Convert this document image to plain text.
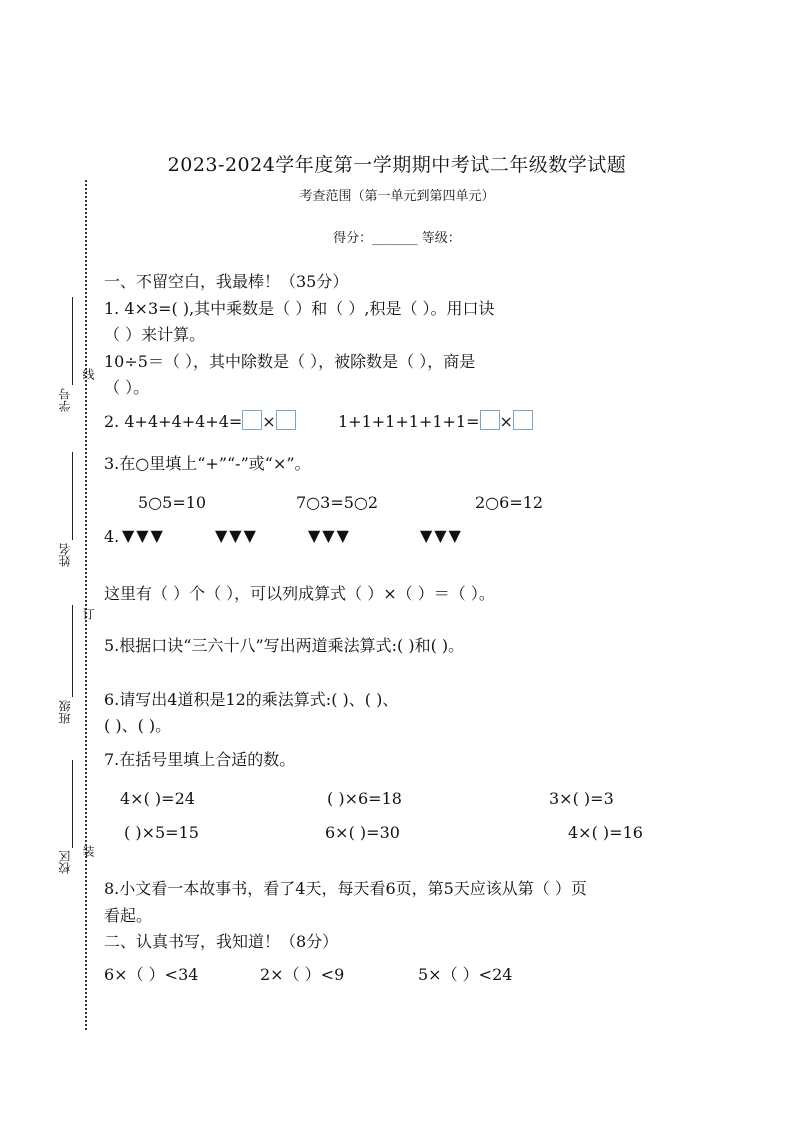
2023-2024学年度第一学期期中考试二年级数学试题
考查范围（第一单元到第四单元）
得分：_______ 等级：
学号
线
姓名
班级
订
校区 装
一、不留空白，我最棒！（35分）
1. 4×3=( ),其中乘数是（ ）和（ ）,积是（ ）。用口诀
（ ）来计算。
10÷5＝（ ），其中除数是（ ），被除数是（ ），商是
（ ）。
2. 4+4+4+4+4= ×	1+1+1+1+1+1= ×
3.在○里填上“+”“-”或“×”。
5○5=10	7○3=5○2	2○6=12
4. ▼▼▼	▼▼▼	▼▼▼	▼▼▼
这里有（ ）个（ ），可以列成算式（ ）×（ ）＝（ ）。
5.根据口诀“三六十八”写出两道乘法算式:( )和( )。
6.请写出4道积是12的乘法算式:( )、( )、
( )、( )。
7.在括号里填上合适的数。
4×( )=24	( )×6=18	3×( )=3
( )×5=15	6×( )=30	4×( )=16
8.小文看一本故事书，看了4天，每天看6页，第5天应该从第（ ）页
看起。
二、认真书写，我知道！（8分）
6×（ ）<34	2×（ ）<9	5×（ ）<24
